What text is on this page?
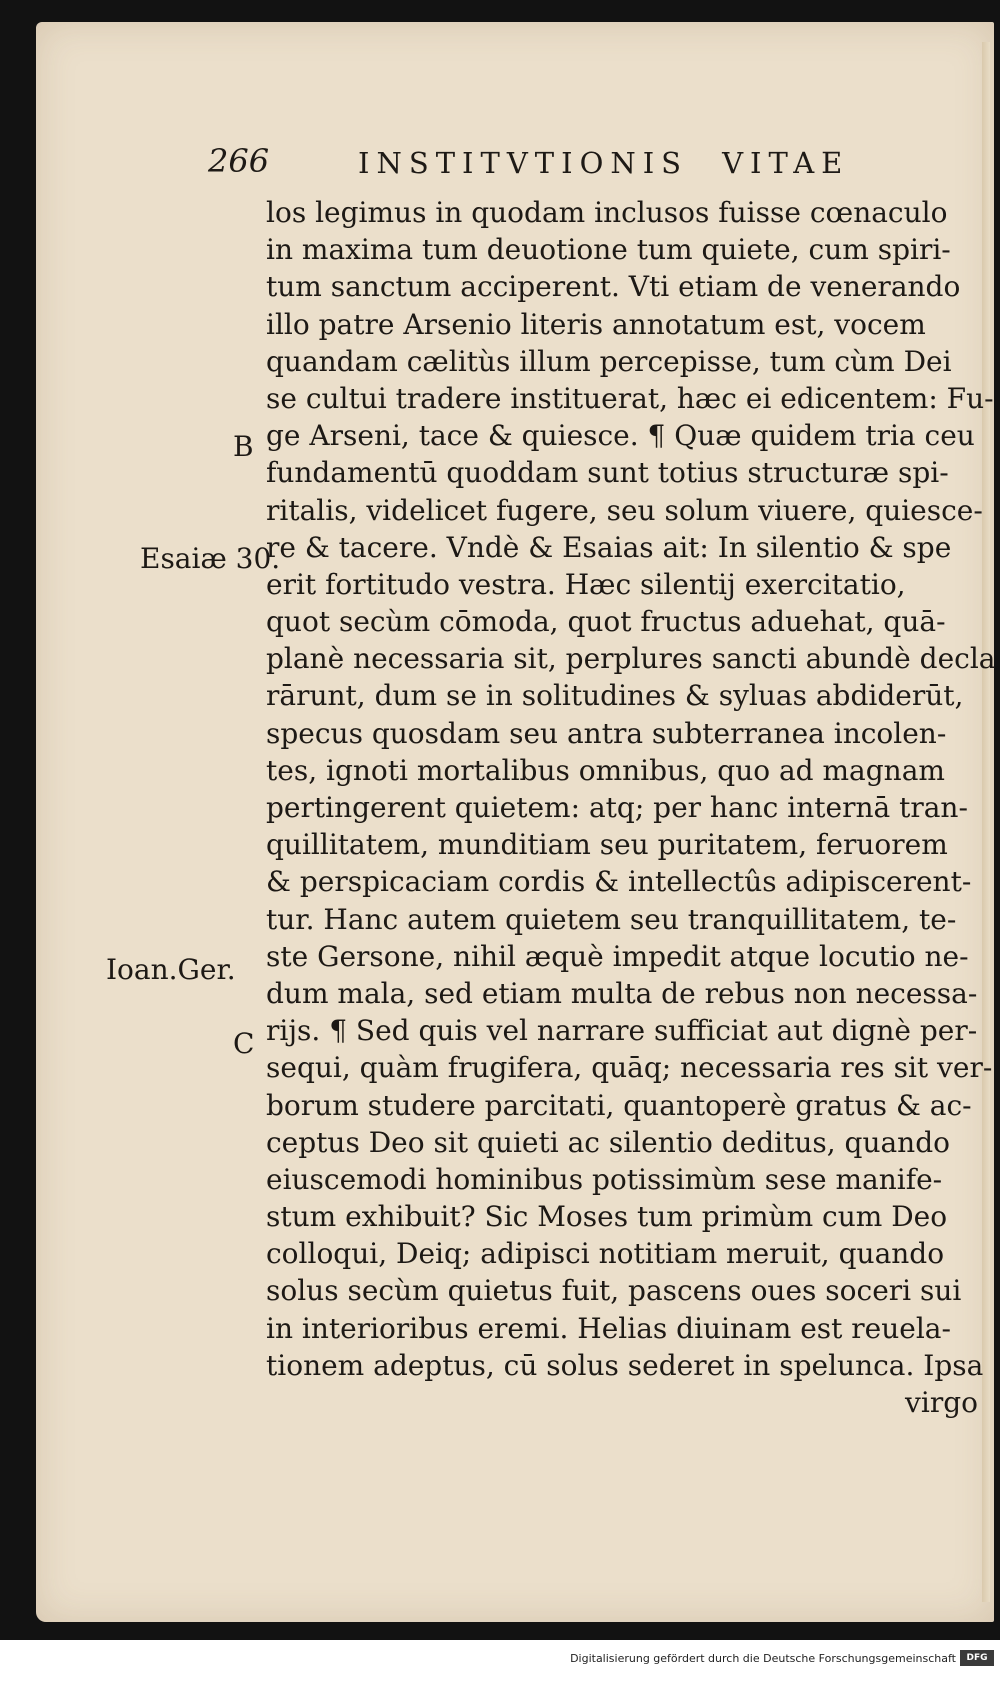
266	INSTITVTIONIS VITAE
B
Esaiæ 30.
Ioan.Ger.
C
los legimus in quodam inclusos fuisse cœnaculo
in maxima tum deuotione tum quiete, cum spiri-
tum sanctum acciperent. Vti etiam de venerando
illo patre Arsenio literis annotatum est, vocem
quandam cælitùs illum percepisse, tum cùm Dei
se cultui tradere instituerat, hæc ei edicentem: Fu-
ge Arseni, tace & quiesce. ¶ Quæ quidem tria ceu
fundamentū quoddam sunt totius structuræ spi-
ritalis, videlicet fugere, seu solum viuere, quiesce-
re & tacere. Vndè & Esaias ait: In silentio & spe
erit fortitudo vestra. Hæc silentij exercitatio,
quot secùm cōmoda, quot fructus aduehat, quā-
planè necessaria sit, perplures sancti abundè decla
rārunt, dum se in solitudines & syluas abdiderūt,
specus quosdam seu antra subterranea incolen-
tes, ignoti mortalibus omnibus, quo ad magnam
pertingerent quietem: atq; per hanc internā tran-
quillitatem, munditiam seu puritatem, feruorem
& perspicaciam cordis & intellectûs adipiscerent-
tur. Hanc autem quietem seu tranquillitatem, te-
ste Gersone, nihil æquè impedit atque locutio ne-
dum mala, sed etiam multa de rebus non necessa-
rijs. ¶ Sed quis vel narrare sufficiat aut dignè per-
sequi, quàm frugifera, quāq; necessaria res sit ver-
borum studere parcitati, quantoperè gratus & ac-
ceptus Deo sit quieti ac silentio deditus, quando
eiuscemodi hominibus potissimùm sese manife-
stum exhibuit? Sic Moses tum primùm cum Deo
colloqui, Deiq; adipisci notitiam meruit, quando
solus secùm quietus fuit, pascens oues soceri sui
in interioribus eremi. Helias diuinam est reuela-
tionem adeptus, cū solus sederet in spelunca. Ipsa
virgo
Digitalisierung gefördert durch die Deutsche Forschungsgemeinschaft	DFG
